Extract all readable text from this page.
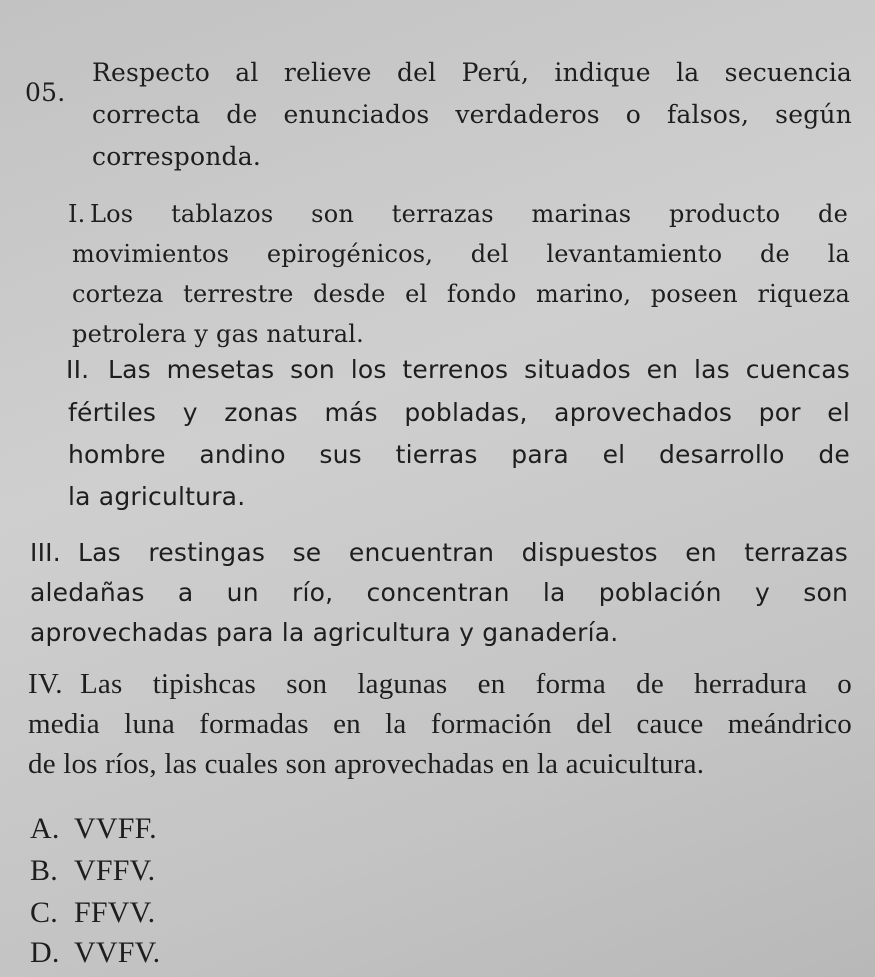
05.
Respecto al relieve del Perú, indique la secuencia
correcta de enunciados verdaderos o falsos, según
corresponda.
I. Los tablazos son terrazas marinas producto de
movimientos epirogénicos, del levantamiento de la
corteza terrestre desde el fondo marino, poseen riqueza
petrolera y gas natural.
II. Las mesetas son los terrenos situados en las cuencas
fértiles y zonas más pobladas, aprovechados por el
hombre andino sus tierras para el desarrollo de
la agricultura.
III. Las restingas se encuentran dispuestos en terrazas
aledañas a un río, concentran la población y son
aprovechadas para la agricultura y ganadería.
IV. Las tipishcas son lagunas en forma de herradura o
media luna formadas en la formación del cauce meándrico
de los ríos, las cuales son aprovechadas en la acuicultura.
A. VVFF.
B. VFFV.
C. FFVV.
D. VVFV.
